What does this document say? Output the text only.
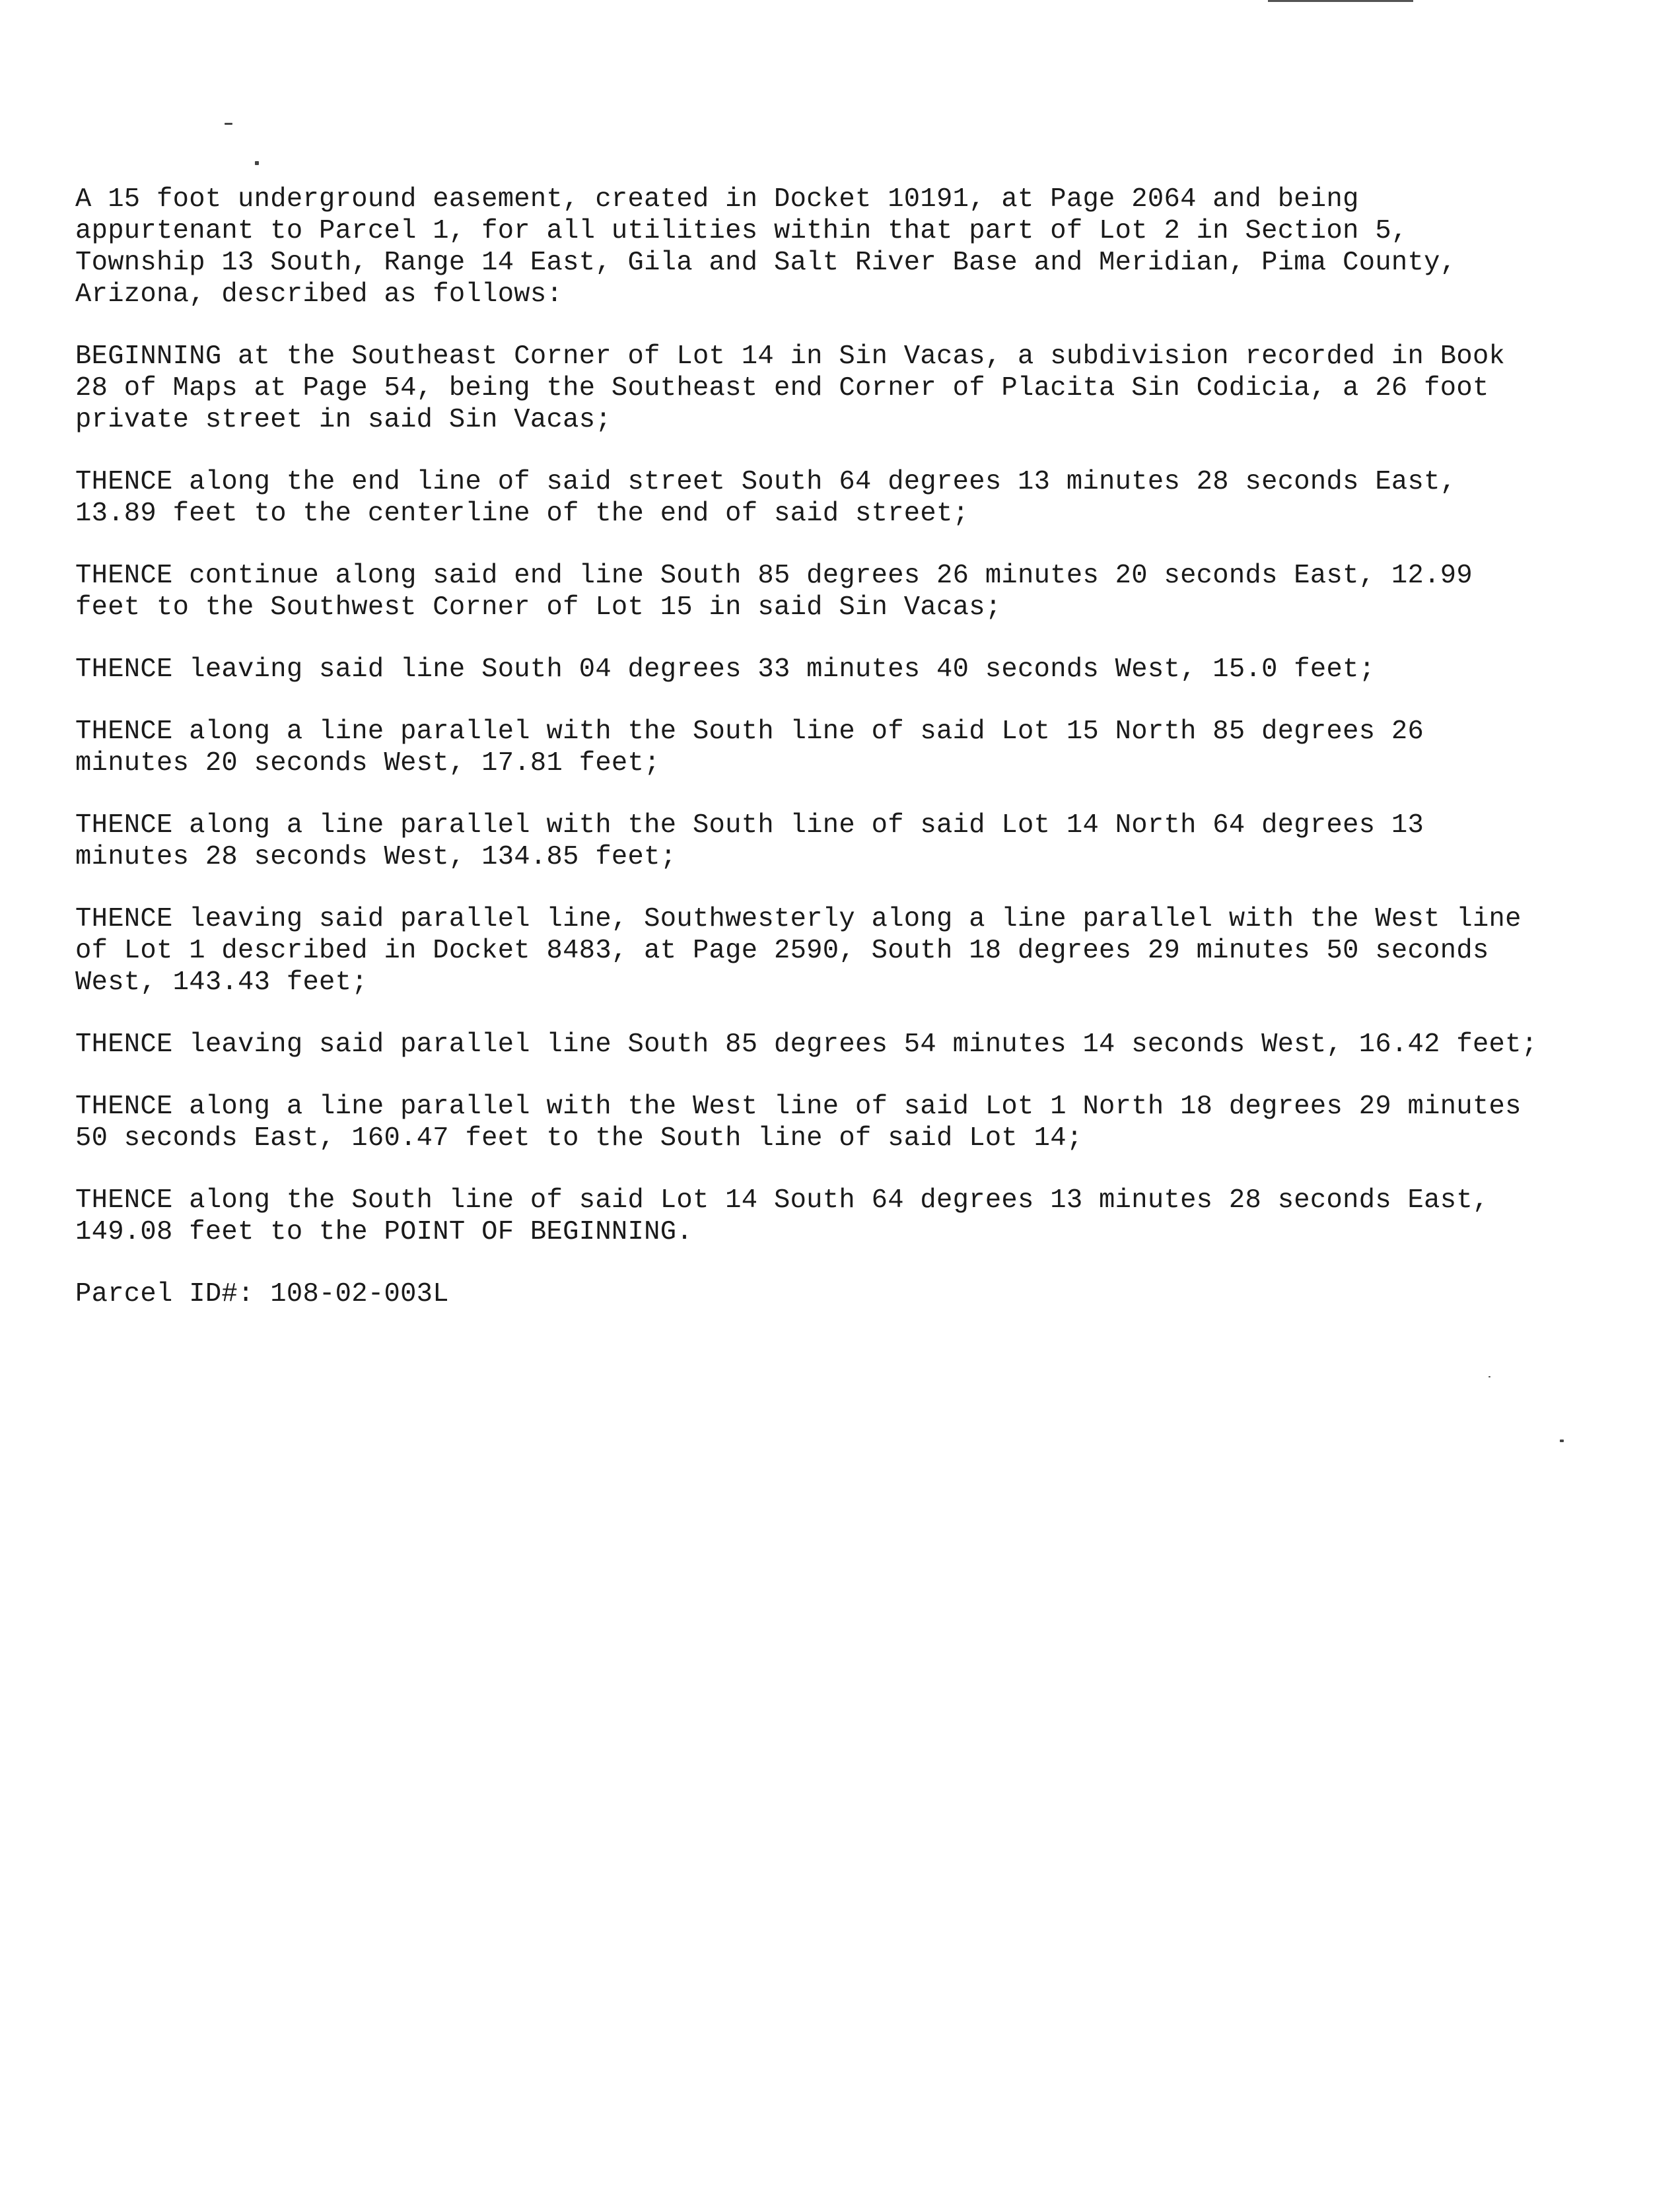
A 15 foot underground easement, created in Docket 10191, at Page 2064 and being
appurtenant to Parcel 1, for all utilities within that part of Lot 2 in Section 5,
Township 13 South, Range 14 East, Gila and Salt River Base and Meridian, Pima County,
Arizona, described as follows:

BEGINNING at the Southeast Corner of Lot 14 in Sin Vacas, a subdivision recorded in Book
28 of Maps at Page 54, being the Southeast end Corner of Placita Sin Codicia, a 26 foot
private street in said Sin Vacas;

THENCE along the end line of said street South 64 degrees 13 minutes 28 seconds East,
13.89 feet to the centerline of the end of said street;

THENCE continue along said end line South 85 degrees 26 minutes 20 seconds East, 12.99
feet to the Southwest Corner of Lot 15 in said Sin Vacas;

THENCE leaving said line South 04 degrees 33 minutes 40 seconds West, 15.0 feet;

THENCE along a line parallel with the South line of said Lot 15 North 85 degrees 26
minutes 20 seconds West, 17.81 feet;

THENCE along a line parallel with the South line of said Lot 14 North 64 degrees 13
minutes 28 seconds West, 134.85 feet;

THENCE leaving said parallel line, Southwesterly along a line parallel with the West line
of Lot 1 described in Docket 8483, at Page 2590, South 18 degrees 29 minutes 50 seconds
West, 143.43 feet;

THENCE leaving said parallel line South 85 degrees 54 minutes 14 seconds West, 16.42 feet;

THENCE along a line parallel with the West line of said Lot 1 North 18 degrees 29 minutes
50 seconds East, 160.47 feet to the South line of said Lot 14;

THENCE along the South line of said Lot 14 South 64 degrees 13 minutes 28 seconds East,
149.08 feet to the POINT OF BEGINNING.

Parcel ID#: 108-02-003L
